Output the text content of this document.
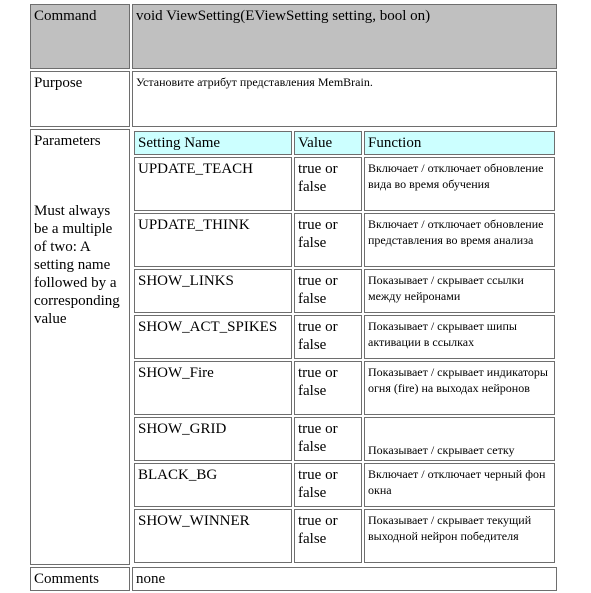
Command	void ViewSetting(EViewSetting setting, bool on)
Purpose	Установите атрибут представления MemBrain.

Parameters
Must always be a multiple of two: A setting name followed by a corresponding value

Setting Name	Value	Function
UPDATE_TEACH	true or false	Включает / отключает обновление вида во время обучения
UPDATE_THINK	true or false	Включает / отключает обновление представления во время анализа
SHOW_LINKS	true or false	Показывает / скрывает ссылки между нейронами
SHOW_ACT_SPIKES	true or false	Показывает / скрывает шипы активации в ссылках
SHOW_Fire	true or false	Показывает / скрывает индикаторы огня (fire) на выходах нейронов
SHOW_GRID	true or false	Показывает / скрывает сетку
BLACK_BG	true or false	Включает / отключает черный фон окна
SHOW_WINNER	true or false	Показывает / скрывает текущий выходной нейрон победителя

Comments	none
